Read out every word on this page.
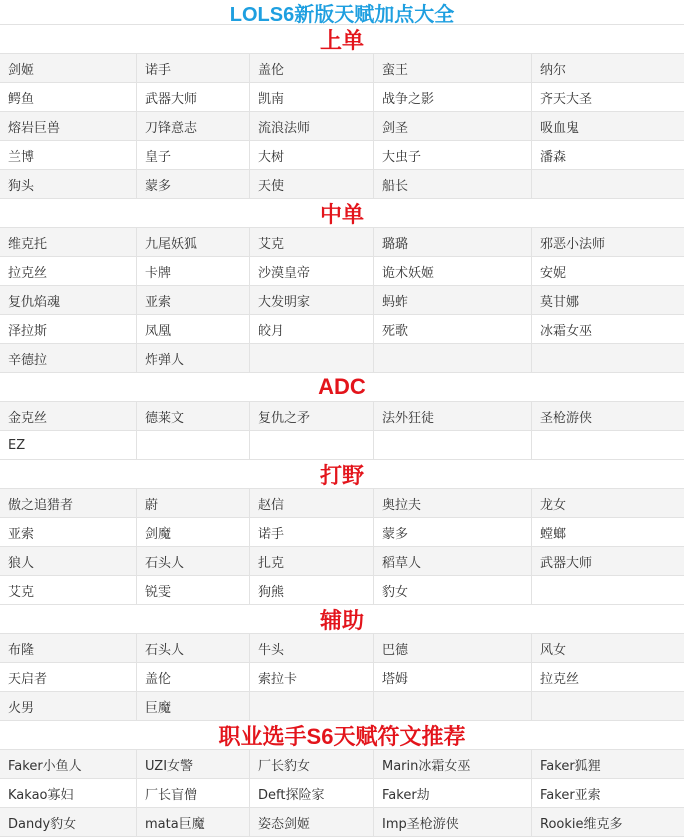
LOLS6新版天赋加点大全
上单
剑姬	诺手	盖伦	蛮王	纳尔
鳄鱼	武器大师	凯南	战争之影	齐天大圣
熔岩巨兽	刀锋意志	流浪法师	剑圣	吸血鬼
兰博	皇子	大树	大虫子	潘森
狗头	蒙多	天使	船长
中单
维克托	九尾妖狐	艾克	璐璐	邪恶小法师
拉克丝	卡牌	沙漠皇帝	诡术妖姬	安妮
复仇焰魂	亚索	大发明家	蚂蚱	莫甘娜
泽拉斯	凤凰	皎月	死歌	冰霜女巫
辛德拉	炸弹人
ADC
金克丝	德莱文	复仇之矛	法外狂徒	圣枪游侠
EZ
打野
傲之追猎者	蔚	赵信	奥拉夫	龙女
亚索	剑魔	诺手	蒙多	螳螂
狼人	石头人	扎克	稻草人	武器大师
艾克	锐雯	狗熊	豹女
辅助
布隆	石头人	牛头	巴德	风女
天启者	盖伦	索拉卡	塔姆	拉克丝
火男	巨魔
职业选手S6天赋符文推荐
Faker小鱼人	UZI女警	厂长豹女	Marin冰霜女巫	Faker狐狸
Kakao寡妇	厂长盲僧	Deft探险家	Faker劫	Faker亚索
Dandy豹女	mata巨魔	姿态剑姬	Imp圣枪游侠	Rookie维克多
